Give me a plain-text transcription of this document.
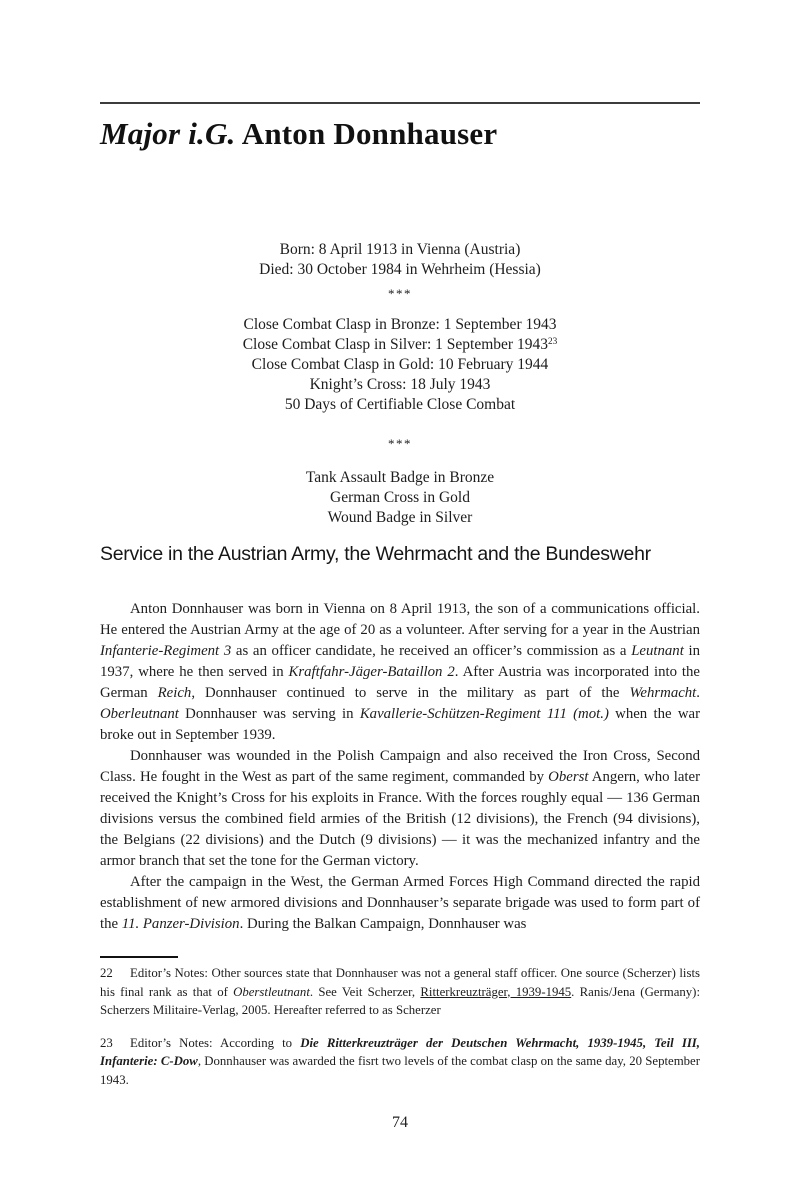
Major i.G. Anton Donnhauser
Born: 8 April 1913 in Vienna (Austria)
Died: 30 October 1984 in Wehrheim (Hessia)
***
Close Combat Clasp in Bronze: 1 September 1943
Close Combat Clasp in Silver: 1 September 1943$^{23}$
Close Combat Clasp in Gold: 10 February 1944
Knight’s Cross: 18 July 1943
50 Days of Certifiable Close Combat
***
Tank Assault Badge in Bronze
German Cross in Gold
Wound Badge in Silver
Service in the Austrian Army, the Wehrmacht and the Bundeswehr

Anton Donnhauser was born in Vienna on 8 April 1913, the son of a communications official. He entered the Austrian Army at the age of 20 as a volunteer. After serving for a year in the Austrian Infanterie-Regiment 3 as an officer candidate, he received an officer’s commission as a Leutnant in 1937, where he then served in Kraftfahr-Jäger-Bataillon 2. After Austria was incorporated into the German Reich, Donnhauser continued to serve in the military as part of the Wehrmacht. Oberleutnant Donnhauser was serving in Kavallerie-Schützen-Regiment 111 (mot.) when the war broke out in September 1939.

Donnhauser was wounded in the Polish Campaign and also received the Iron Cross, Second Class. He fought in the West as part of the same regiment, commanded by Oberst Angern, who later received the Knight’s Cross for his exploits in France. With the forces roughly equal — 136 German divisions versus the combined field armies of the British (12 divisions), the French (94 divisions), the Belgians (22 divisions) and the Dutch (9 divisions) — it was the mechanized infantry and the armor branch that set the tone for the German victory.

After the campaign in the West, the German Armed Forces High Command directed the rapid establishment of new armored divisions and Donnhauser’s separate brigade was used to form part of the 11. Panzer-Division. During the Balkan Campaign, Donnhauser was

22 Editor’s Notes: Other sources state that Donnhauser was not a general staff officer. One source (Scherzer) lists his final rank as that of Oberstleutnant. See Veit Scherzer, Ritterkreuzträger, 1939-1945. Ranis/Jena (Germany): Scherzers Militaire-Verlag, 2005. Hereafter referred to as Scherzer

23 Editor’s Notes: According to Die Ritterkreuzträger der Deutschen Wehrmacht, 1939-1945, Teil III, Infanterie: C-Dow, Donnhauser was awarded the fisrt two levels of the combat clasp on the same day, 20 September 1943.

74
